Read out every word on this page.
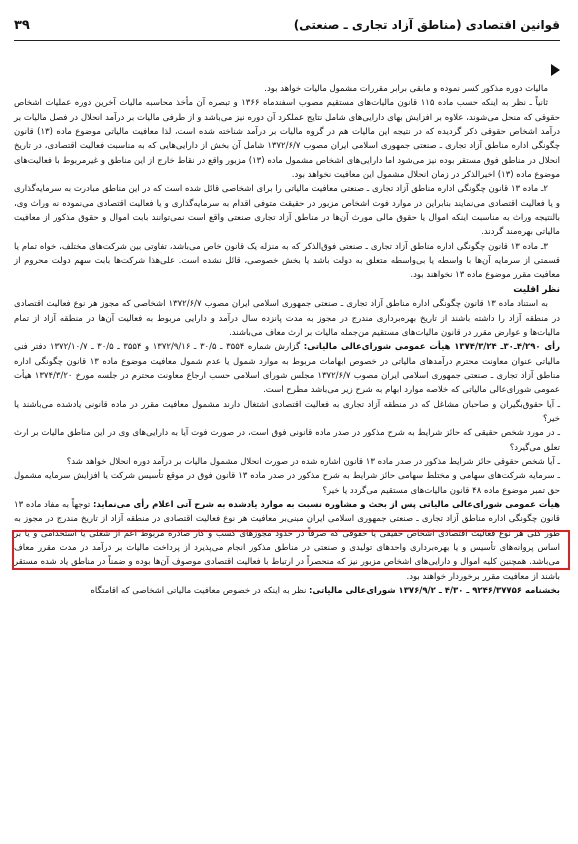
قوانین اقتصادی (مناطق آزاد تجاری ـ صنعتی)
۳۹

مالیات دوره مذکور کسر نموده و مابقی برابر مقررات مشمول مالیات خواهد بود.

ثانیاً ـ نظر به اینکه حسب ماده ۱۱۵ قانون مالیات‌های مستقیم مصوب اسفندماه ۱۳۶۶ و تبصره آن مأخذ محاسبه مالیات آخرین دوره عملیات اشخاص حقوقی که منحل می‌شوند، علاوه بر افزایش بهای دارایی‌های شامل نتایج عملکرد آن دوره نیز می‌باشد و از طرفی مالیات بر درآمد انحلال در فصل مالیات بر درآمد اشخاص حقوقی ذکر گردیده که در نتیجه این مالیات هم در گروه مالیات بر درآمد شناخته شده است، لذا معافیت مالیاتی موضوع ماده (۱۳) قانون چگونگی اداره مناطق آزاد تجاری ـ صنعتی جمهوری اسلامی ایران مصوب ۱۳۷۲/۶/۷ شامل آن بخش از دارایی‌هایی که به مناسبت فعالیت اقتصادی، در تاریخ انحلال در مناطق فوق مستقر بوده نیز می‌شود اما دارایی‌های اشخاص مشمول ماده (۱۳) مزبور واقع در نقاط خارج از این مناطق و غیرمربوط با فعالیت‌های موضوع ماده (۱۳) اخیرالذکر در زمان انحلال مشمول این معافیت نخواهد بود.

۲ـ ماده ۱۳ قانون چگونگی اداره مناطق آزاد تجاری ـ صنعتی معافیت مالیاتی را برای اشخاصی قائل شده است که در این مناطق مبادرت به سرمایه‌گذاری و یا فعالیت اقتصادی می‌نمایند بنابراین در موارد فوت اشخاص مزبور در حقیقت متوفی اقدام به سرمایه‌گذاری و یا فعالیت اقتصادی می‌نموده نه وراث وی، بالنتیجه وراث به مناسبت اینکه اموال یا حقوق مالی مورث آن‌ها در مناطق آزاد تجاری صنعتی واقع است نمی‌توانند بابت اموال و حقوق مذکور از معافیت مالیاتی بهره‌مند گردند.

۳ـ ماده ۱۳ قانون چگونگی اداره مناطق آزاد تجاری ـ صنعتی فوق‌الذکر که به منزله یک قانون خاص می‌باشد، تفاوتی بین شرکت‌های مختلف، خواه تمام یا قسمتی از سرمایه آن‌ها با واسطه یا بی‌واسطه متعلق به دولت باشد یا بخش خصوصی، قائل نشده است. علی‌هذا شرکت‌ها بابت سهم دولت محروم از معافیت مقرر موضوع ماده ۱۳ نخواهند بود.

نظر اقلیت

به استناد ماده ۱۳ قانون چگونگی اداره مناطق آزاد تجاری ـ صنعتی جمهوری اسلامی ایران مصوب ۱۳۷۲/۶/۷ اشخاصی که مجوز هر نوع فعالیت اقتصادی در منطقه آزاد را داشته باشند از تاریخ بهره‌برداری مندرج در مجوز به مدت پانزده سال درآمد و دارایی مربوط به فعالیت آن‌ها در منطقه آزاد از تمام مالیات‌ها و عوارض مقرر در قانون مالیات‌های مستقیم من‌جمله مالیات بر ارث معاف می‌باشند.

رأی ۴/۲۹۰ـ۳۰ـ ۱۳۷۴/۳/۲۴ هیأت عمومی شورای‌عالی مالیاتی: گزارش شماره ۳۵۵۴ ـ ۳۰/۵ ـ ۱۳۷۲/۹/۱۶ و ۳۵۵۴ ـ ۳۰/۵ ـ ۱۳۷۲/۱۰/۷ دفتر فنی مالیاتی عنوان معاونت محترم درآمدهای مالیاتی در خصوص ابهامات مربوط به موارد شمول یا عدم شمول معافیت موضوع ماده ۱۳ قانون چگونگی اداره مناطق آزاد تجاری ـ صنعتی جمهوری اسلامی ایران مصوب ۱۳۷۲/۶/۷ مجلس شورای اسلامی حسب ارجاع معاونت محترم در جلسه مورخ ۱۳۷۴/۳/۲۰ هیأت عمومی شورای‌عالی مالیاتی که خلاصه موارد ابهام به شرح زیر می‌باشد مطرح است.

ـ آیا حقوق‌بگیران و صاحبان مشاغل که در منطقه آزاد تجاری به فعالیت اقتصادی اشتغال دارند مشمول معافیت مقرر در ماده قانونی یادشده می‌باشند یا خیر؟

ـ در مورد شخص حقیقی که حائز شرایط به شرح مذکور در صدر ماده قانونی فوق است، در صورت فوت آیا به دارایی‌های وی در این مناطق مالیات بر ارث تعلق می‌گیرد؟

ـ آیا شخص حقوقی حائز شرایط مذکور در صدر ماده ۱۳ قانون اشاره شده در صورت انحلال مشمول مالیات بر درآمد دوره انحلال خواهد شد؟

ـ سرمایه شرکت‌های سهامی و مختلط سهامی حائز شرایط به شرح مذکور در صدر ماده ۱۳ قانون فوق در موقع تأسیس شرکت یا افزایش سرمایه مشمول حق تمبر موضوع ماده ۴۸ قانون مالیات‌های مستقیم می‌گردد یا خیر؟

هیأت عمومی شورای‌عالی مالیاتی پس از بحث و مشاوره نسبت به موارد یادشده به شرح آتی اعلام رأی می‌نماید: توجهاً به مفاد ماده ۱۳ قانون چگونگی اداره مناطق آزاد تجاری ـ صنعتی جمهوری اسلامی ایران مبنی‌بر معافیت هر نوع فعالیت اقتصادی در منطقه آزاد از تاریخ مندرج در مجوز به طور کلی هر نوع فعالیت اقتصادی اشخاص حقیقی یا حقوقی که صرفاً در حدود مجوزهای کسب و کار صادره مربوط اعم از شغلی یا استخدامی و یا بر اساس پروانه‌های تأسیس و یا بهره‌برداری واحدهای تولیدی و صنعتی در مناطق مذکور انجام می‌پذیرد از پرداخت مالیات بر درآمد در مدت مقرر معاف می‌باشد. همچنین کلیه اموال و دارایی‌های اشخاص مزبور نیز که منحصراً در ارتباط با فعالیت اقتصادی موصوف آن‌ها بوده و ضمناً در مناطق یاد شده مستقر باشند از معافیت مقرر برخوردار خواهند بود.

بخشنامه ۹۲۴۶/۳۷۷۵۶ ـ ۴/۳۰ ـ ۱۳۷۶/۹/۲ شورای‌عالی مالیاتی: نظر به اینکه در خصوص معافیت مالیاتی اشخاصی که اقامتگاه
